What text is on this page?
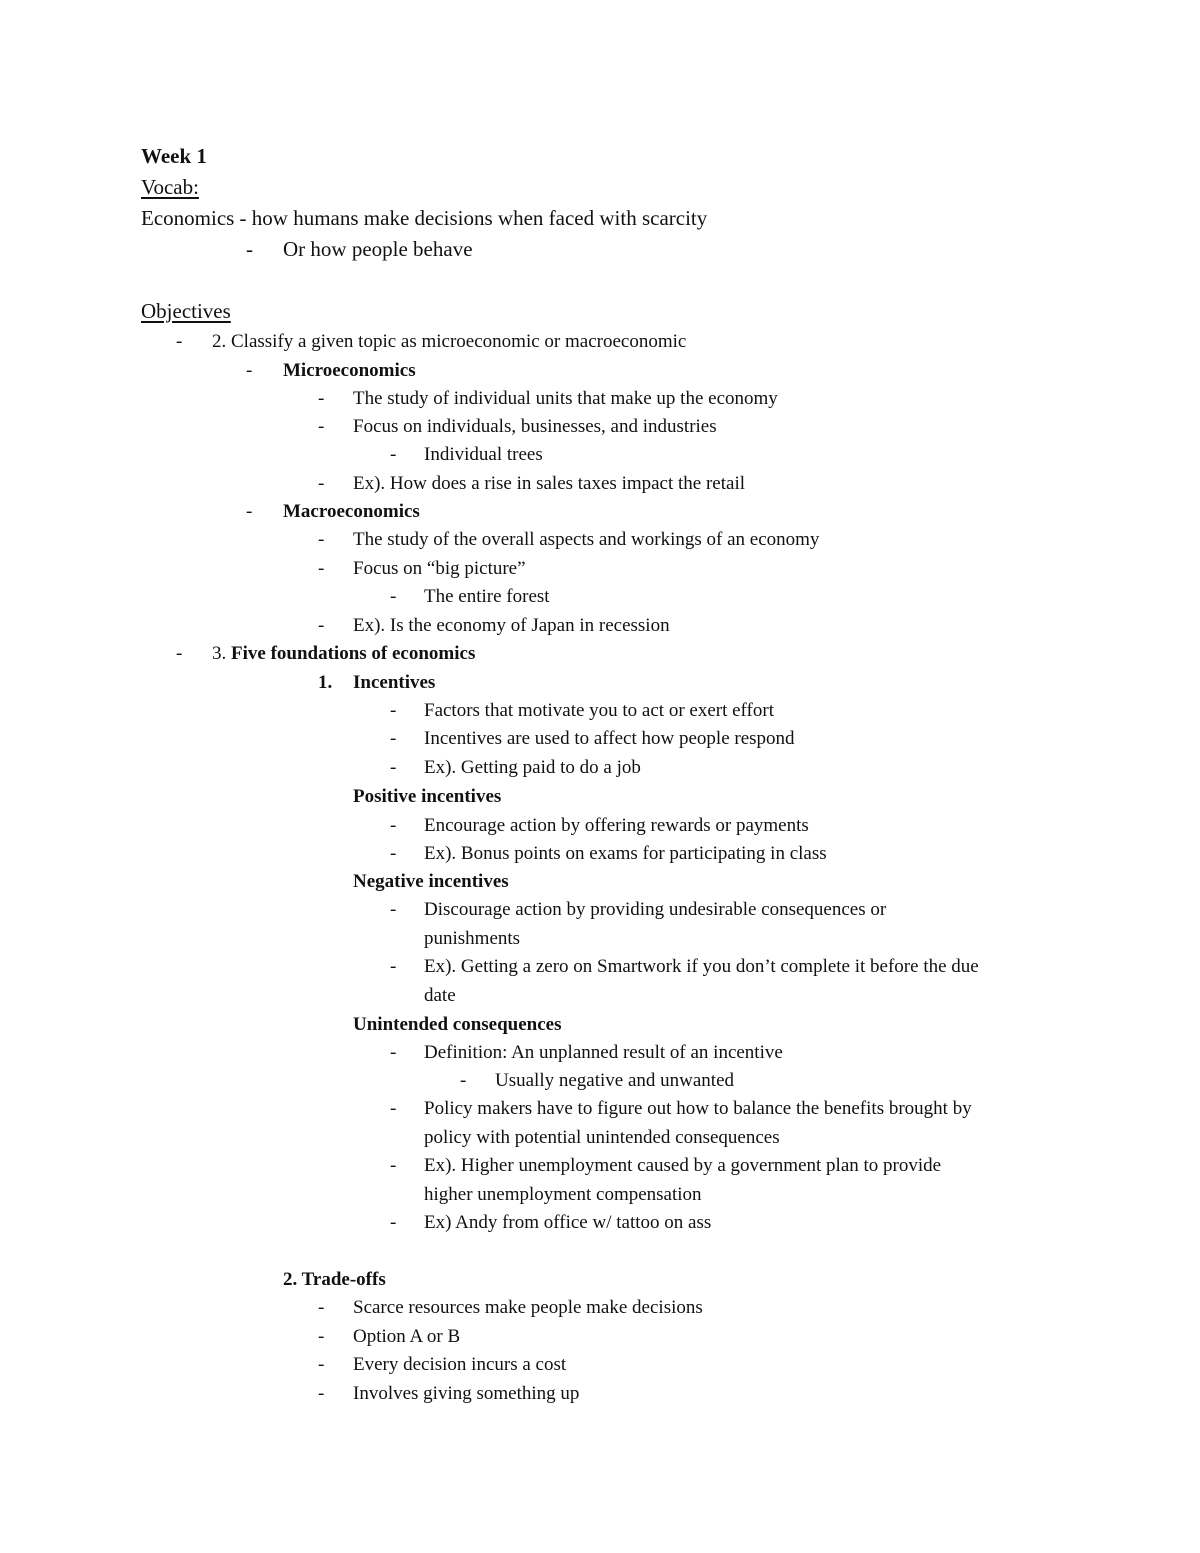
Week 1
Vocab:
Economics - how humans make decisions when faced with scarcity
- Or how people behave
Objectives
- 2. Classify a given topic as microeconomic or macroeconomic
- Microeconomics
- The study of individual units that make up the economy
- Focus on individuals, businesses, and industries
- Individual trees
- Ex). How does a rise in sales taxes impact the retail
- Macroeconomics
- The study of the overall aspects and workings of an economy
- Focus on “big picture”
- The entire forest
- Ex). Is the economy of Japan in recession
- 3. Five foundations of economics
1. Incentives
- Factors that motivate you to act or exert effort
- Incentives are used to affect how people respond
- Ex). Getting paid to do a job
Positive incentives
- Encourage action by offering rewards or payments
- Ex). Bonus points on exams for participating in class
Negative incentives
- Discourage action by providing undesirable consequences or
punishments
- Ex). Getting a zero on Smartwork if you don’t complete it before the due
date
Unintended consequences
- Definition: An unplanned result of an incentive
- Usually negative and unwanted
- Policy makers have to figure out how to balance the benefits brought by
policy with potential unintended consequences
- Ex). Higher unemployment caused by a government plan to provide
higher unemployment compensation
- Ex) Andy from office w/ tattoo on ass
2. Trade-offs
- Scarce resources make people make decisions
- Option A or B
- Every decision incurs a cost
- Involves giving something up
